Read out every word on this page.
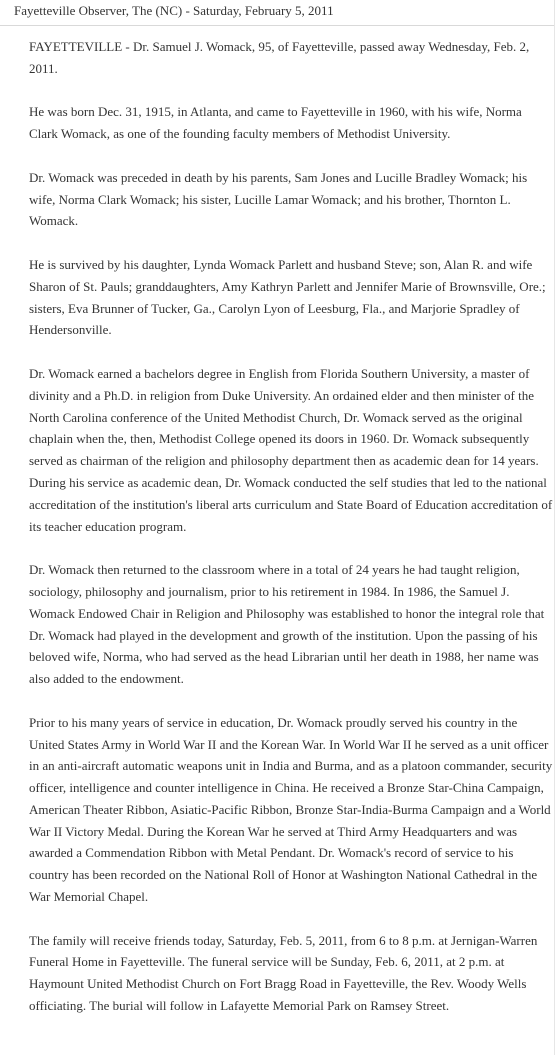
Fayetteville Observer, The (NC) - Saturday, February 5, 2011

FAYETTEVILLE - Dr. Samuel J. Womack, 95, of Fayetteville, passed away Wednesday, Feb. 2, 2011.

He was born Dec. 31, 1915, in Atlanta, and came to Fayetteville in 1960, with his wife, Norma Clark Womack, as one of the founding faculty members of Methodist University.

Dr. Womack was preceded in death by his parents, Sam Jones and Lucille Bradley Womack; his wife, Norma Clark Womack; his sister, Lucille Lamar Womack; and his brother, Thornton L. Womack.

He is survived by his daughter, Lynda Womack Parlett and husband Steve; son, Alan R. and wife Sharon of St. Pauls; granddaughters, Amy Kathryn Parlett and Jennifer Marie of Brownsville, Ore.; sisters, Eva Brunner of Tucker, Ga., Carolyn Lyon of Leesburg, Fla., and Marjorie Spradley of Hendersonville.

Dr. Womack earned a bachelors degree in English from Florida Southern University, a master of divinity and a Ph.D. in religion from Duke University. An ordained elder and then minister of the North Carolina conference of the United Methodist Church, Dr. Womack served as the original chaplain when the, then, Methodist College opened its doors in 1960. Dr. Womack subsequently served as chairman of the religion and philosophy department then as academic dean for 14 years. During his service as academic dean, Dr. Womack conducted the self studies that led to the national accreditation of the institution's liberal arts curriculum and State Board of Education accreditation of its teacher education program.

Dr. Womack then returned to the classroom where in a total of 24 years he had taught religion, sociology, philosophy and journalism, prior to his retirement in 1984. In 1986, the Samuel J. Womack Endowed Chair in Religion and Philosophy was established to honor the integral role that Dr. Womack had played in the development and growth of the institution. Upon the passing of his beloved wife, Norma, who had served as the head Librarian until her death in 1988, her name was also added to the endowment.

Prior to his many years of service in education, Dr. Womack proudly served his country in the United States Army in World War II and the Korean War. In World War II he served as a unit officer in an anti-aircraft automatic weapons unit in India and Burma, and as a platoon commander, security officer, intelligence and counter intelligence in China. He received a Bronze Star-China Campaign, American Theater Ribbon, Asiatic-Pacific Ribbon, Bronze Star-India-Burma Campaign and a World War II Victory Medal. During the Korean War he served at Third Army Headquarters and was awarded a Commendation Ribbon with Metal Pendant. Dr. Womack's record of service to his country has been recorded on the National Roll of Honor at Washington National Cathedral in the War Memorial Chapel.

The family will receive friends today, Saturday, Feb. 5, 2011, from 6 to 8 p.m. at Jernigan-Warren Funeral Home in Fayetteville. The funeral service will be Sunday, Feb. 6, 2011, at 2 p.m. at Haymount United Methodist Church on Fort Bragg Road in Fayetteville, the Rev. Woody Wells officiating. The burial will follow in Lafayette Memorial Park on Ramsey Street.
